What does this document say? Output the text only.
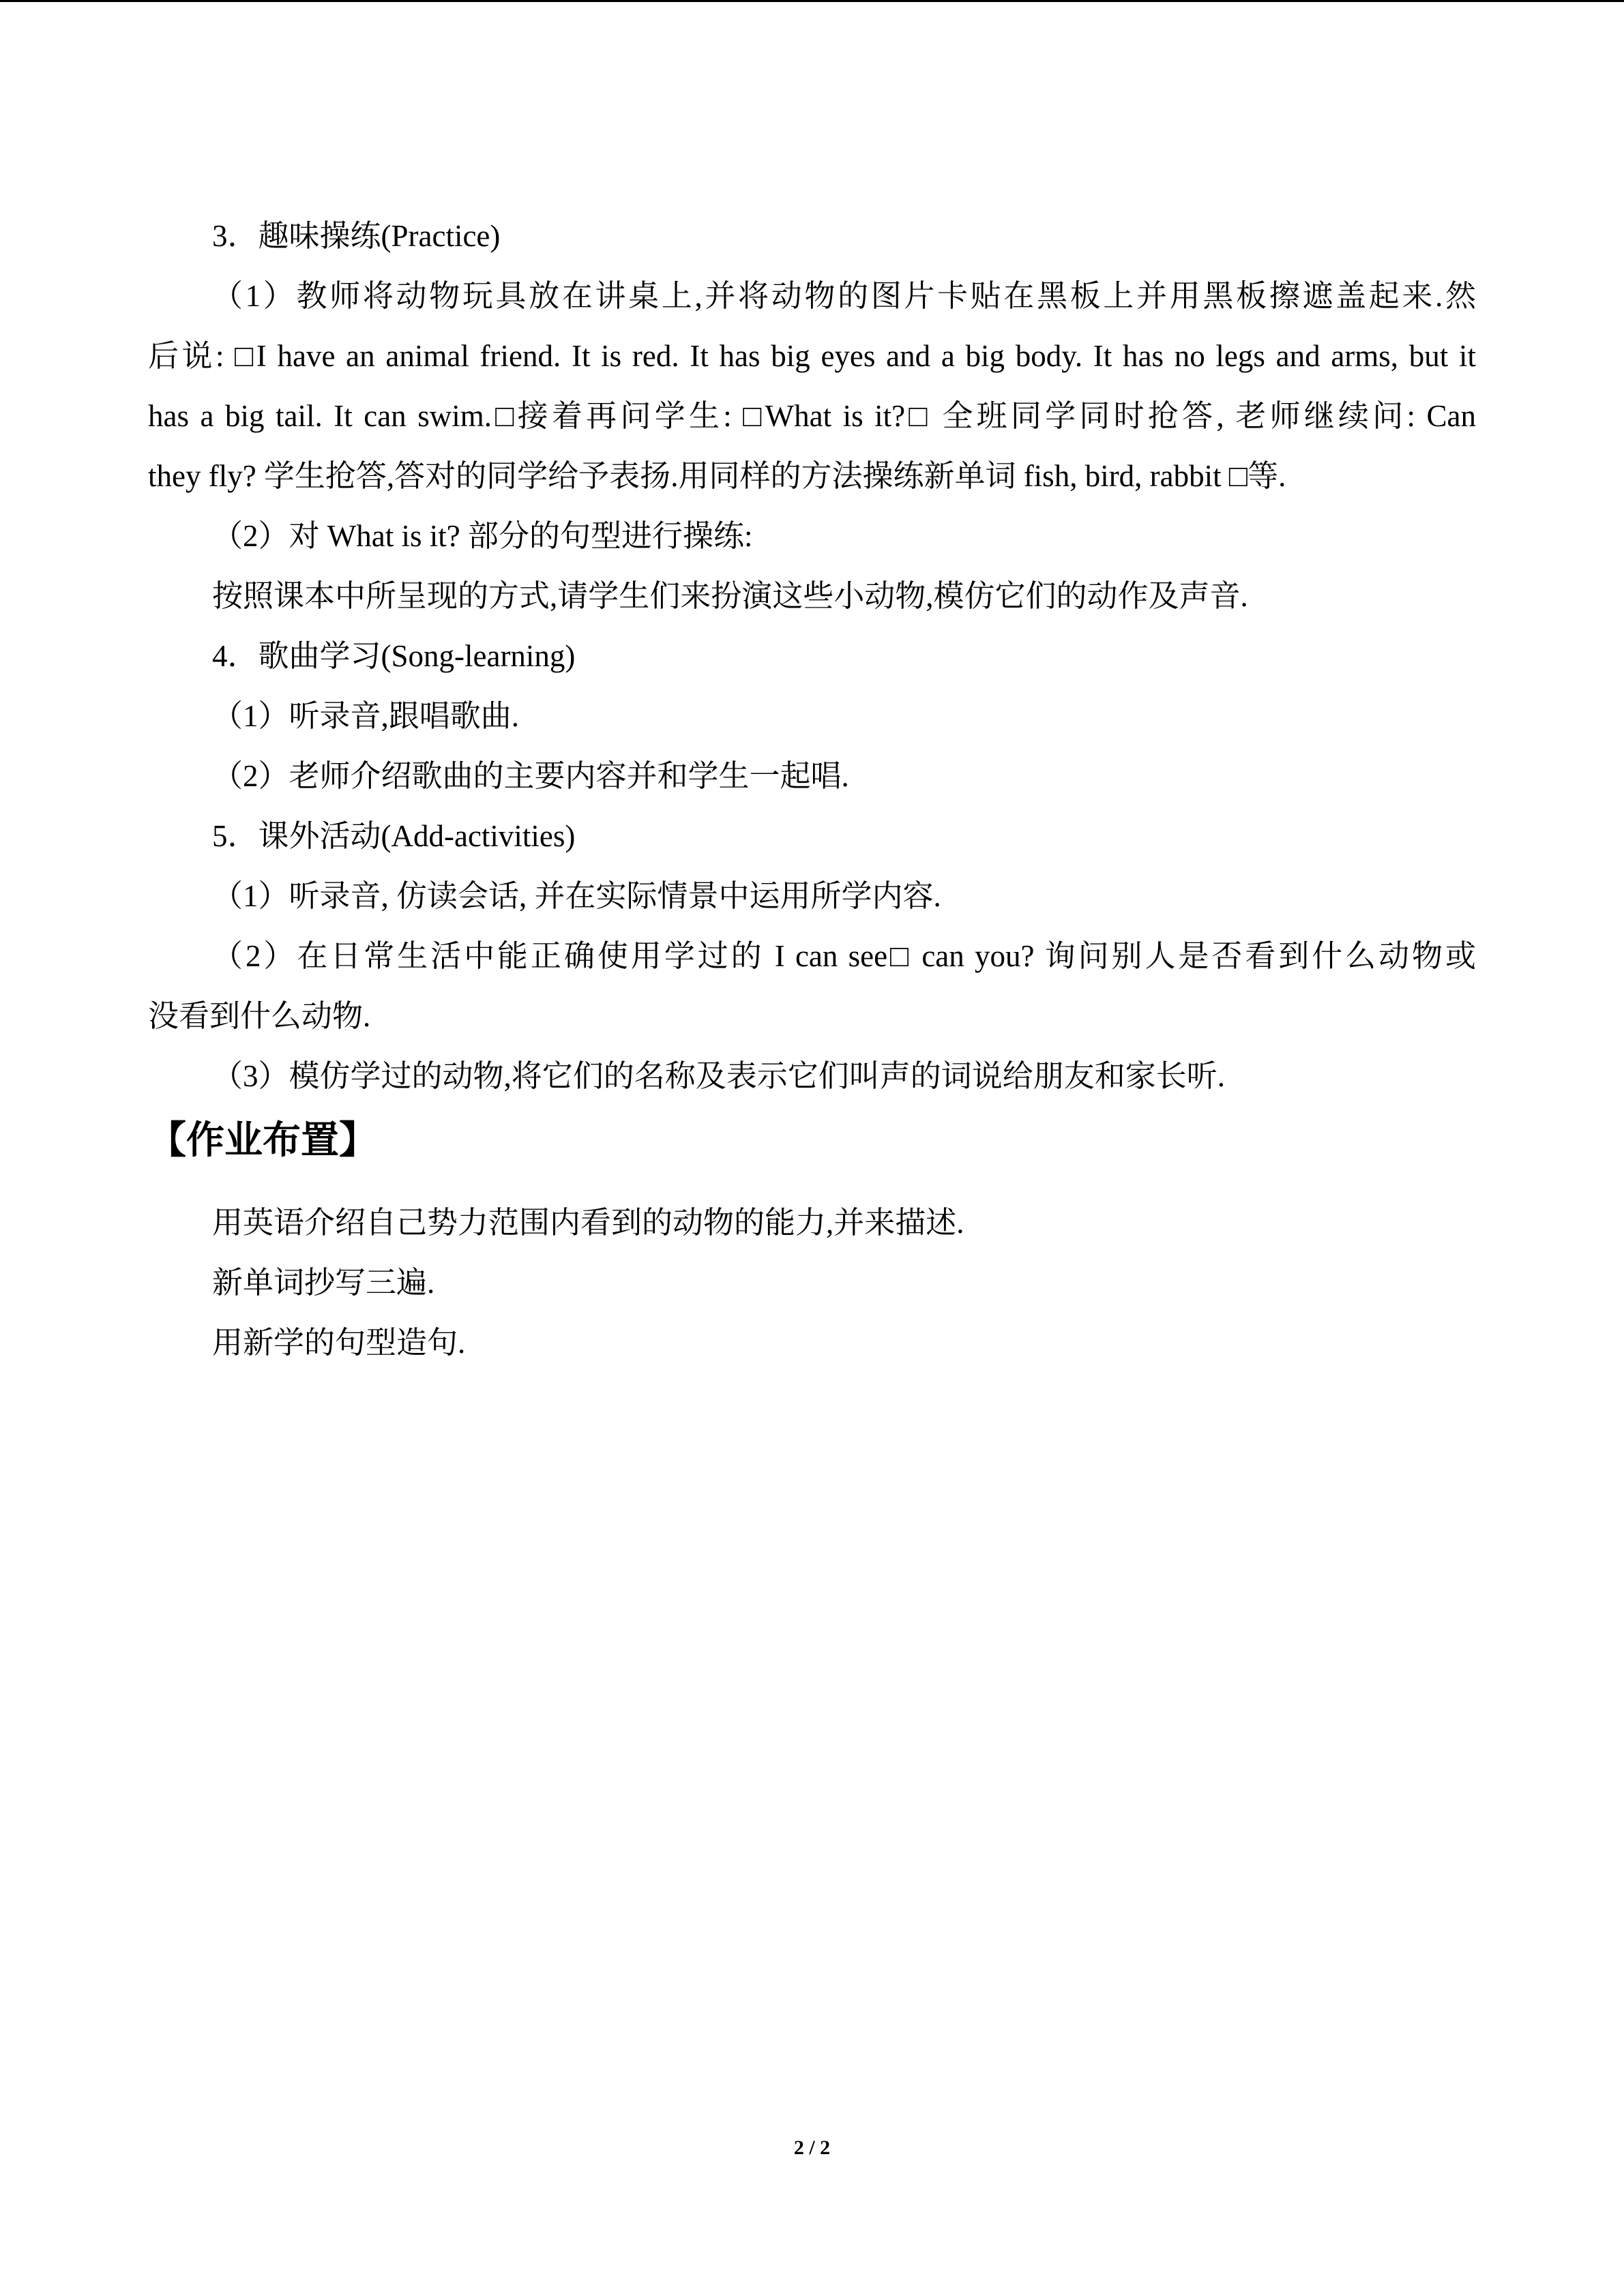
3．趣味操练(Practice)
（1）教师将动物玩具放在讲桌上,并将动物的图片卡贴在黑板上并用黑板擦遮盖起来.然
后说: □I have an animal friend. It is red. It has big eyes and a big body. It has no legs and arms, but it
has a big tail. It can swim.□接着再问学生: □What is it?□ 全班同学同时抢答, 老师继续问: Can
they fly? 学生抢答,答对的同学给予表扬.用同样的方法操练新单词 fish, bird, rabbit □等.
（2）对 What is it? 部分的句型进行操练:
按照课本中所呈现的方式,请学生们来扮演这些小动物,模仿它们的动作及声音.
4．歌曲学习(Song-learning)
（1）听录音,跟唱歌曲.
（2）老师介绍歌曲的主要内容并和学生一起唱.
5．课外活动(Add-activities)
（1）听录音, 仿读会话, 并在实际情景中运用所学内容.
（2）在日常生活中能正确使用学过的 I can see□ can you? 询问别人是否看到什么动物或
没看到什么动物.
（3）模仿学过的动物,将它们的名称及表示它们叫声的词说给朋友和家长听.
【作业布置】
用英语介绍自己势力范围内看到的动物的能力,并来描述.
新单词抄写三遍.
用新学的句型造句.
2 / 2
